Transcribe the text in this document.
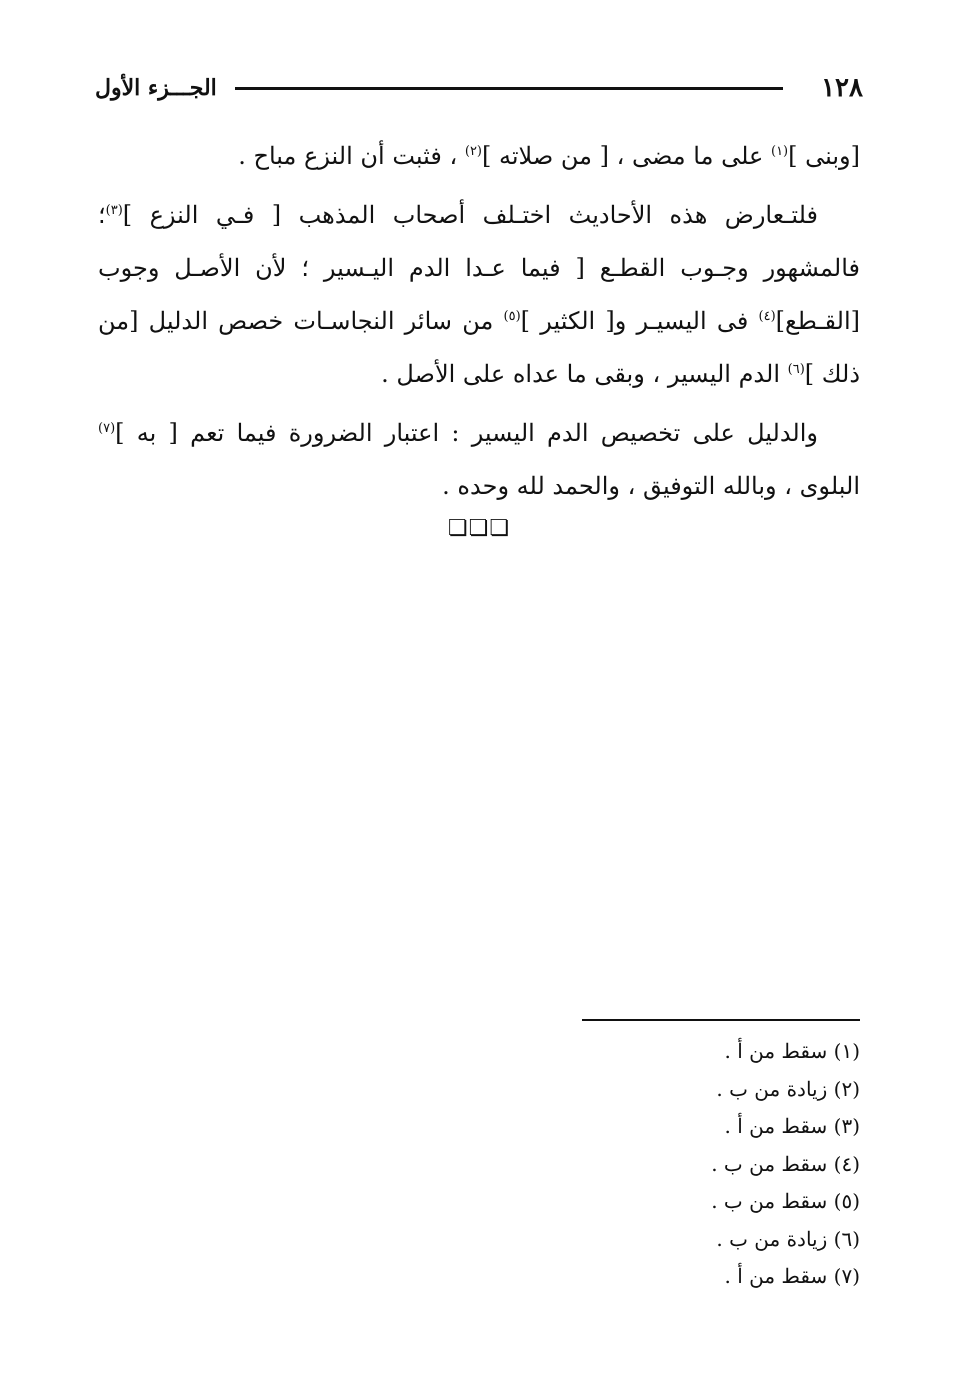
١٢٨
الجـــزء الأول

[وبنى ]$^{(١)}$ على ما مضى ، [ من صلاته ]$^{(٢)}$ ، فثبت أن النزع مباح .

فلتـعارض هذه الأحاديث اختـلف أصحاب المذهب [ فـي النزع ]$^{(٣)}$؛ فالمشهور وجـوب القطـع [ فيما عـدا الدم اليـسير ؛ لأن الأصـل وجوب [القـطع]$^{(٤)}$ فى اليسيـر و[ الكثير ]$^{(٥)}$ من سائر النجاسـات خصص الدليل [من ذلك ]$^{(٦)}$ الدم اليسير ، وبقى ما عداه على الأصل .

والدليل على تخصيص الدم اليسير : اعتبار الضرورة فيما تعم [ به ]$^{(٧)}$ البلوى ، وبالله التوفيق ، والحمد لله وحده .

❏❏❏
(١) سقط من أ .
(٢) زيادة من ب .
(٣) سقط من أ .
(٤) سقط من ب .
(٥) سقط من ب .
(٦) زيادة من ب .
(٧) سقط من أ .
